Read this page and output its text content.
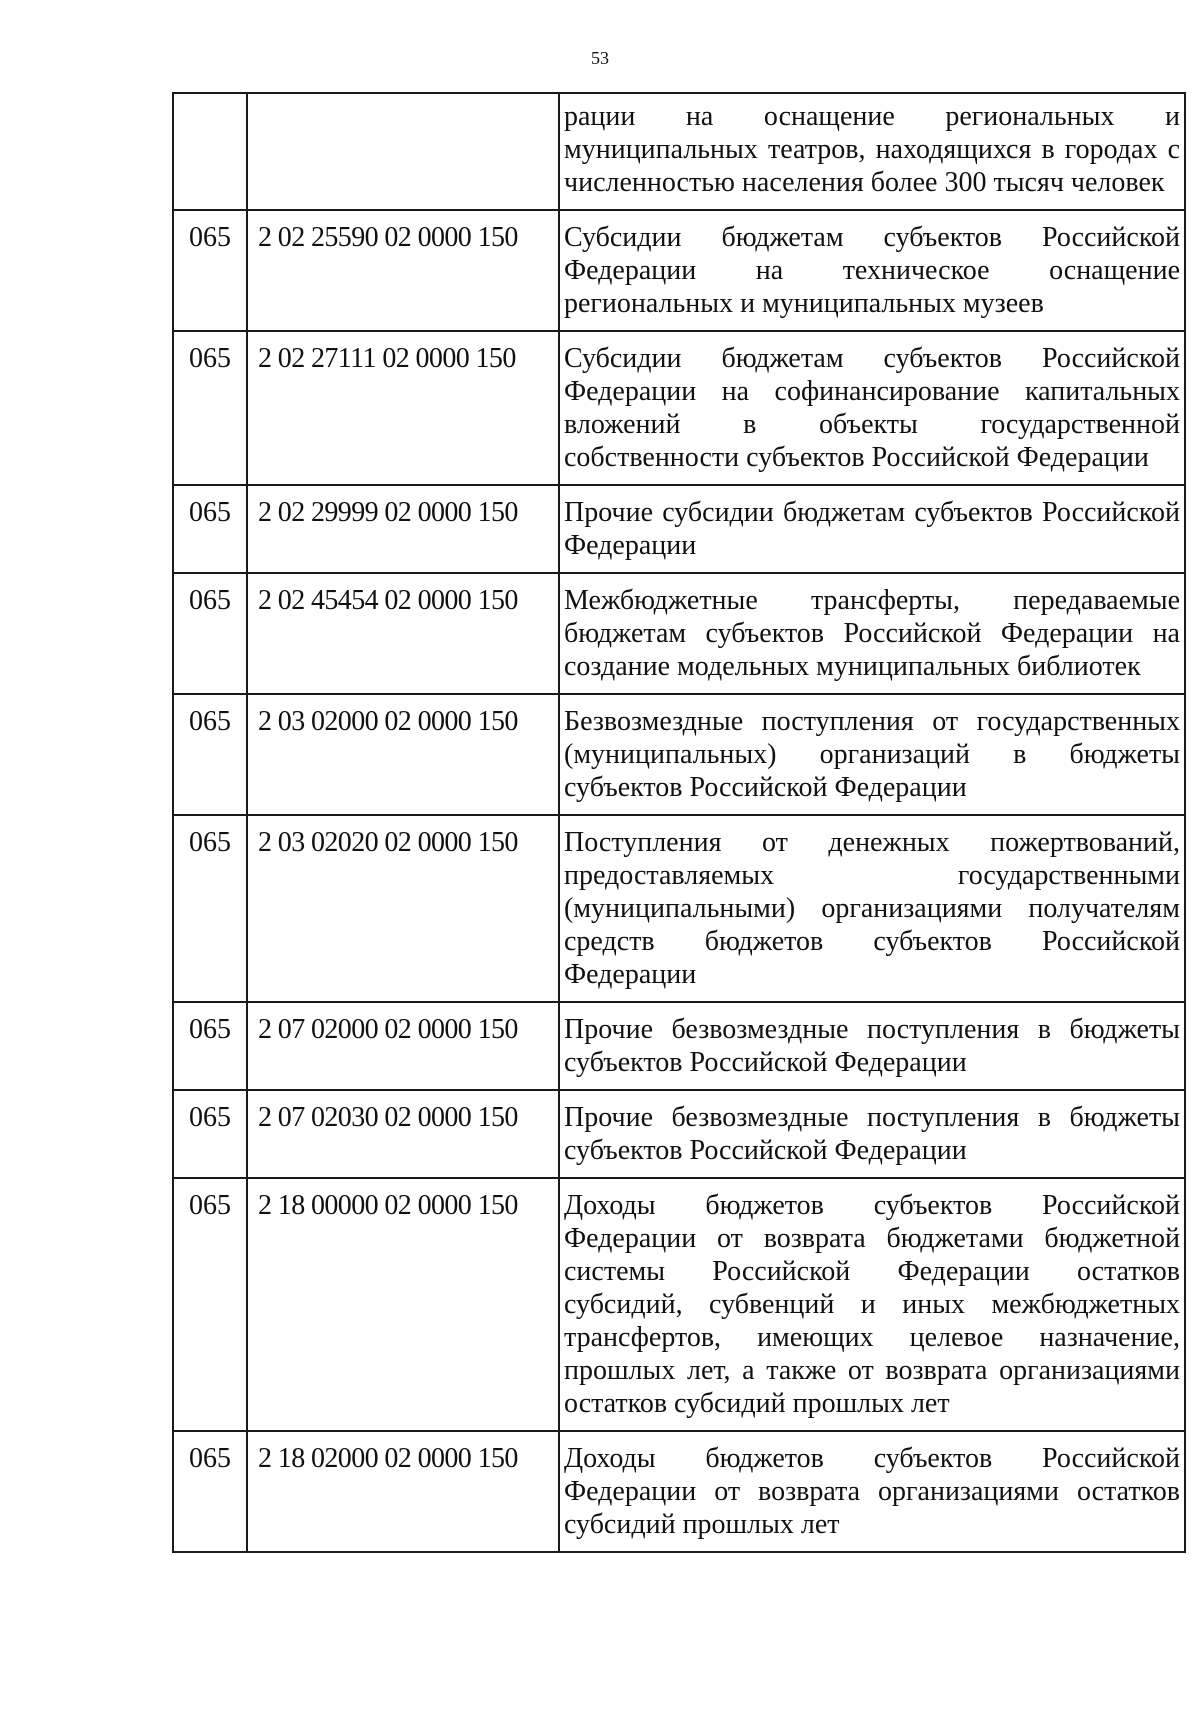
53
		рации на оснащение региональных и муниципальных театров, находящихся в городах с численностью населения более 300 тысяч человек
065	2 02 25590 02 0000 150	Субсидии бюджетам субъектов Российской Федерации на техническое оснащение региональных и муниципальных музеев
065	2 02 27111 02 0000 150	Субсидии бюджетам субъектов Российской Федерации на софинансирование капитальных вложений в объекты государственной собственности субъектов Российской Федерации
065	2 02 29999 02 0000 150	Прочие субсидии бюджетам субъектов Российской Федерации
065	2 02 45454 02 0000 150	Межбюджетные трансферты, передаваемые бюджетам субъектов Российской Федерации на создание модельных муниципальных библиотек
065	2 03 02000 02 0000 150	Безвозмездные поступления от государственных (муниципальных) организаций в бюджеты субъектов Российской Федерации
065	2 03 02020 02 0000 150	Поступления от денежных пожертвований, предоставляемых государственными (муниципальными) организациями получателям средств бюджетов субъектов Российской Федерации
065	2 07 02000 02 0000 150	Прочие безвозмездные поступления в бюджеты субъектов Российской Федерации
065	2 07 02030 02 0000 150	Прочие безвозмездные поступления в бюджеты субъектов Российской Федерации
065	2 18 00000 02 0000 150	Доходы бюджетов субъектов Российской Федерации от возврата бюджетами бюджетной системы Российской Федерации остатков субсидий, субвенций и иных межбюджетных трансфертов, имеющих целевое назначение, прошлых лет, а также от возврата организациями остатков субсидий прошлых лет
065	2 18 02000 02 0000 150	Доходы бюджетов субъектов Российской Федерации от возврата организациями остатков субсидий прошлых лет
